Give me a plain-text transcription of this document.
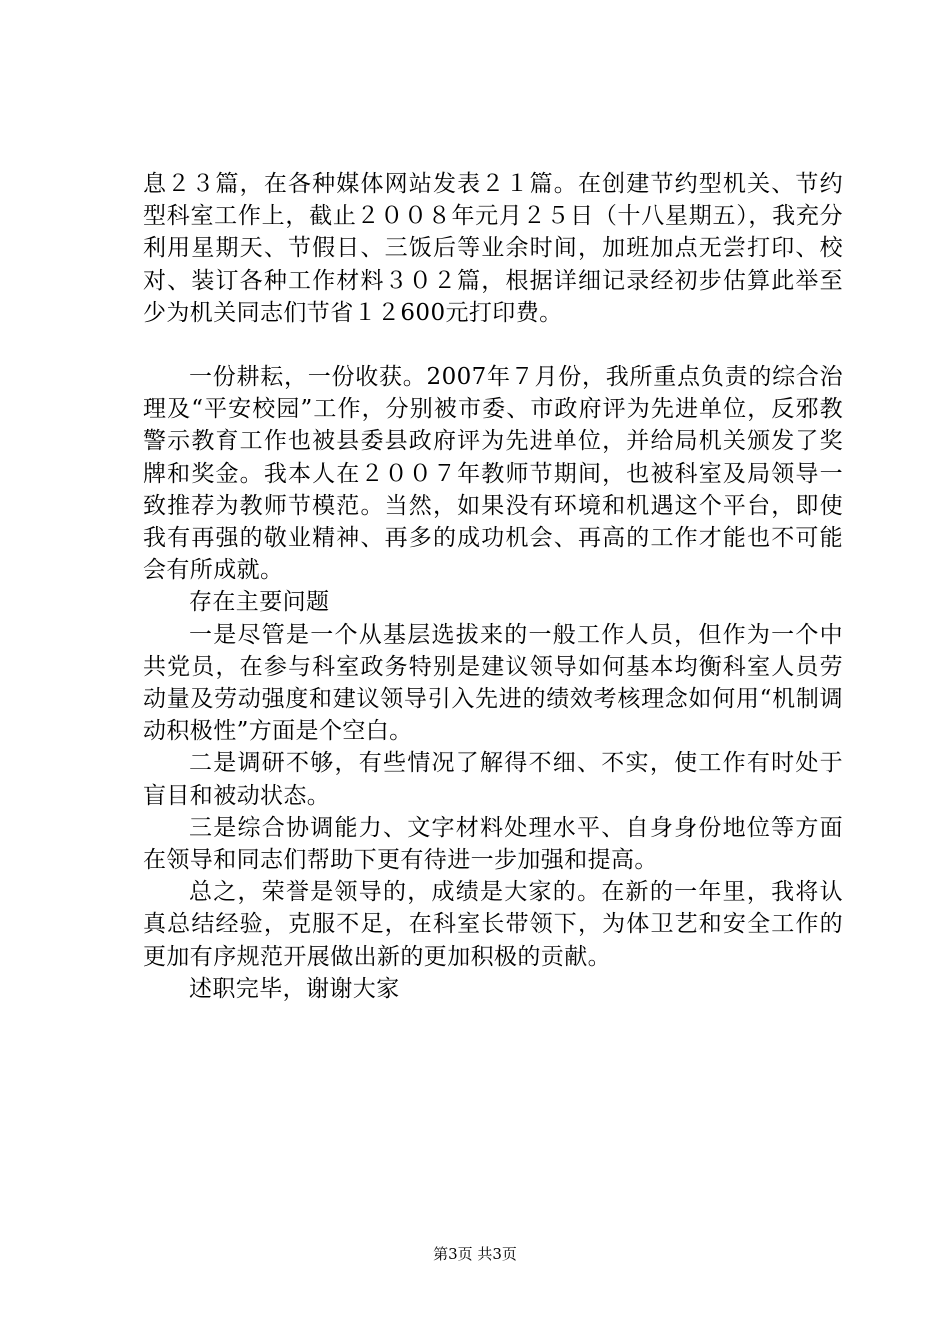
息２３篇，在各种媒体网站发表２１篇。在创建节约型机关、节约型科室工作上，截止２００８年元月２５日（十八星期五），我充分利用星期天、节假日、三饭后等业余时间，加班加点无尝打印、校对、装订各种工作材料３０２篇，根据详细记录经初步估算此举至少为机关同志们节省１２600元打印费。

一份耕耘，一份收获。2007年７月份，我所重点负责的综合治理及“平安校园”工作，分别被市委、市政府评为先进单位，反邪教警示教育工作也被县委县政府评为先进单位，并给局机关颁发了奖牌和奖金。我本人在２００７年教师节期间，也被科室及局领导一致推荐为教师节模范。当然，如果没有环境和机遇这个平台，即使我有再强的敬业精神、再多的成功机会、再高的工作才能也不可能会有所成就。

存在主要问题

一是尽管是一个从基层选拔来的一般工作人员，但作为一个中共党员，在参与科室政务特别是建议领导如何基本均衡科室人员劳动量及劳动强度和建议领导引入先进的绩效考核理念如何用“机制调动积极性”方面是个空白。

二是调研不够，有些情况了解得不细、不实，使工作有时处于盲目和被动状态。

三是综合协调能力、文字材料处理水平、自身身份地位等方面在领导和同志们帮助下更有待进一步加强和提高。

总之，荣誉是领导的，成绩是大家的。在新的一年里，我将认真总结经验，克服不足，在科室长带领下，为体卫艺和安全工作的更加有序规范开展做出新的更加积极的贡献。

述职完毕，谢谢大家

第3页 共3页
